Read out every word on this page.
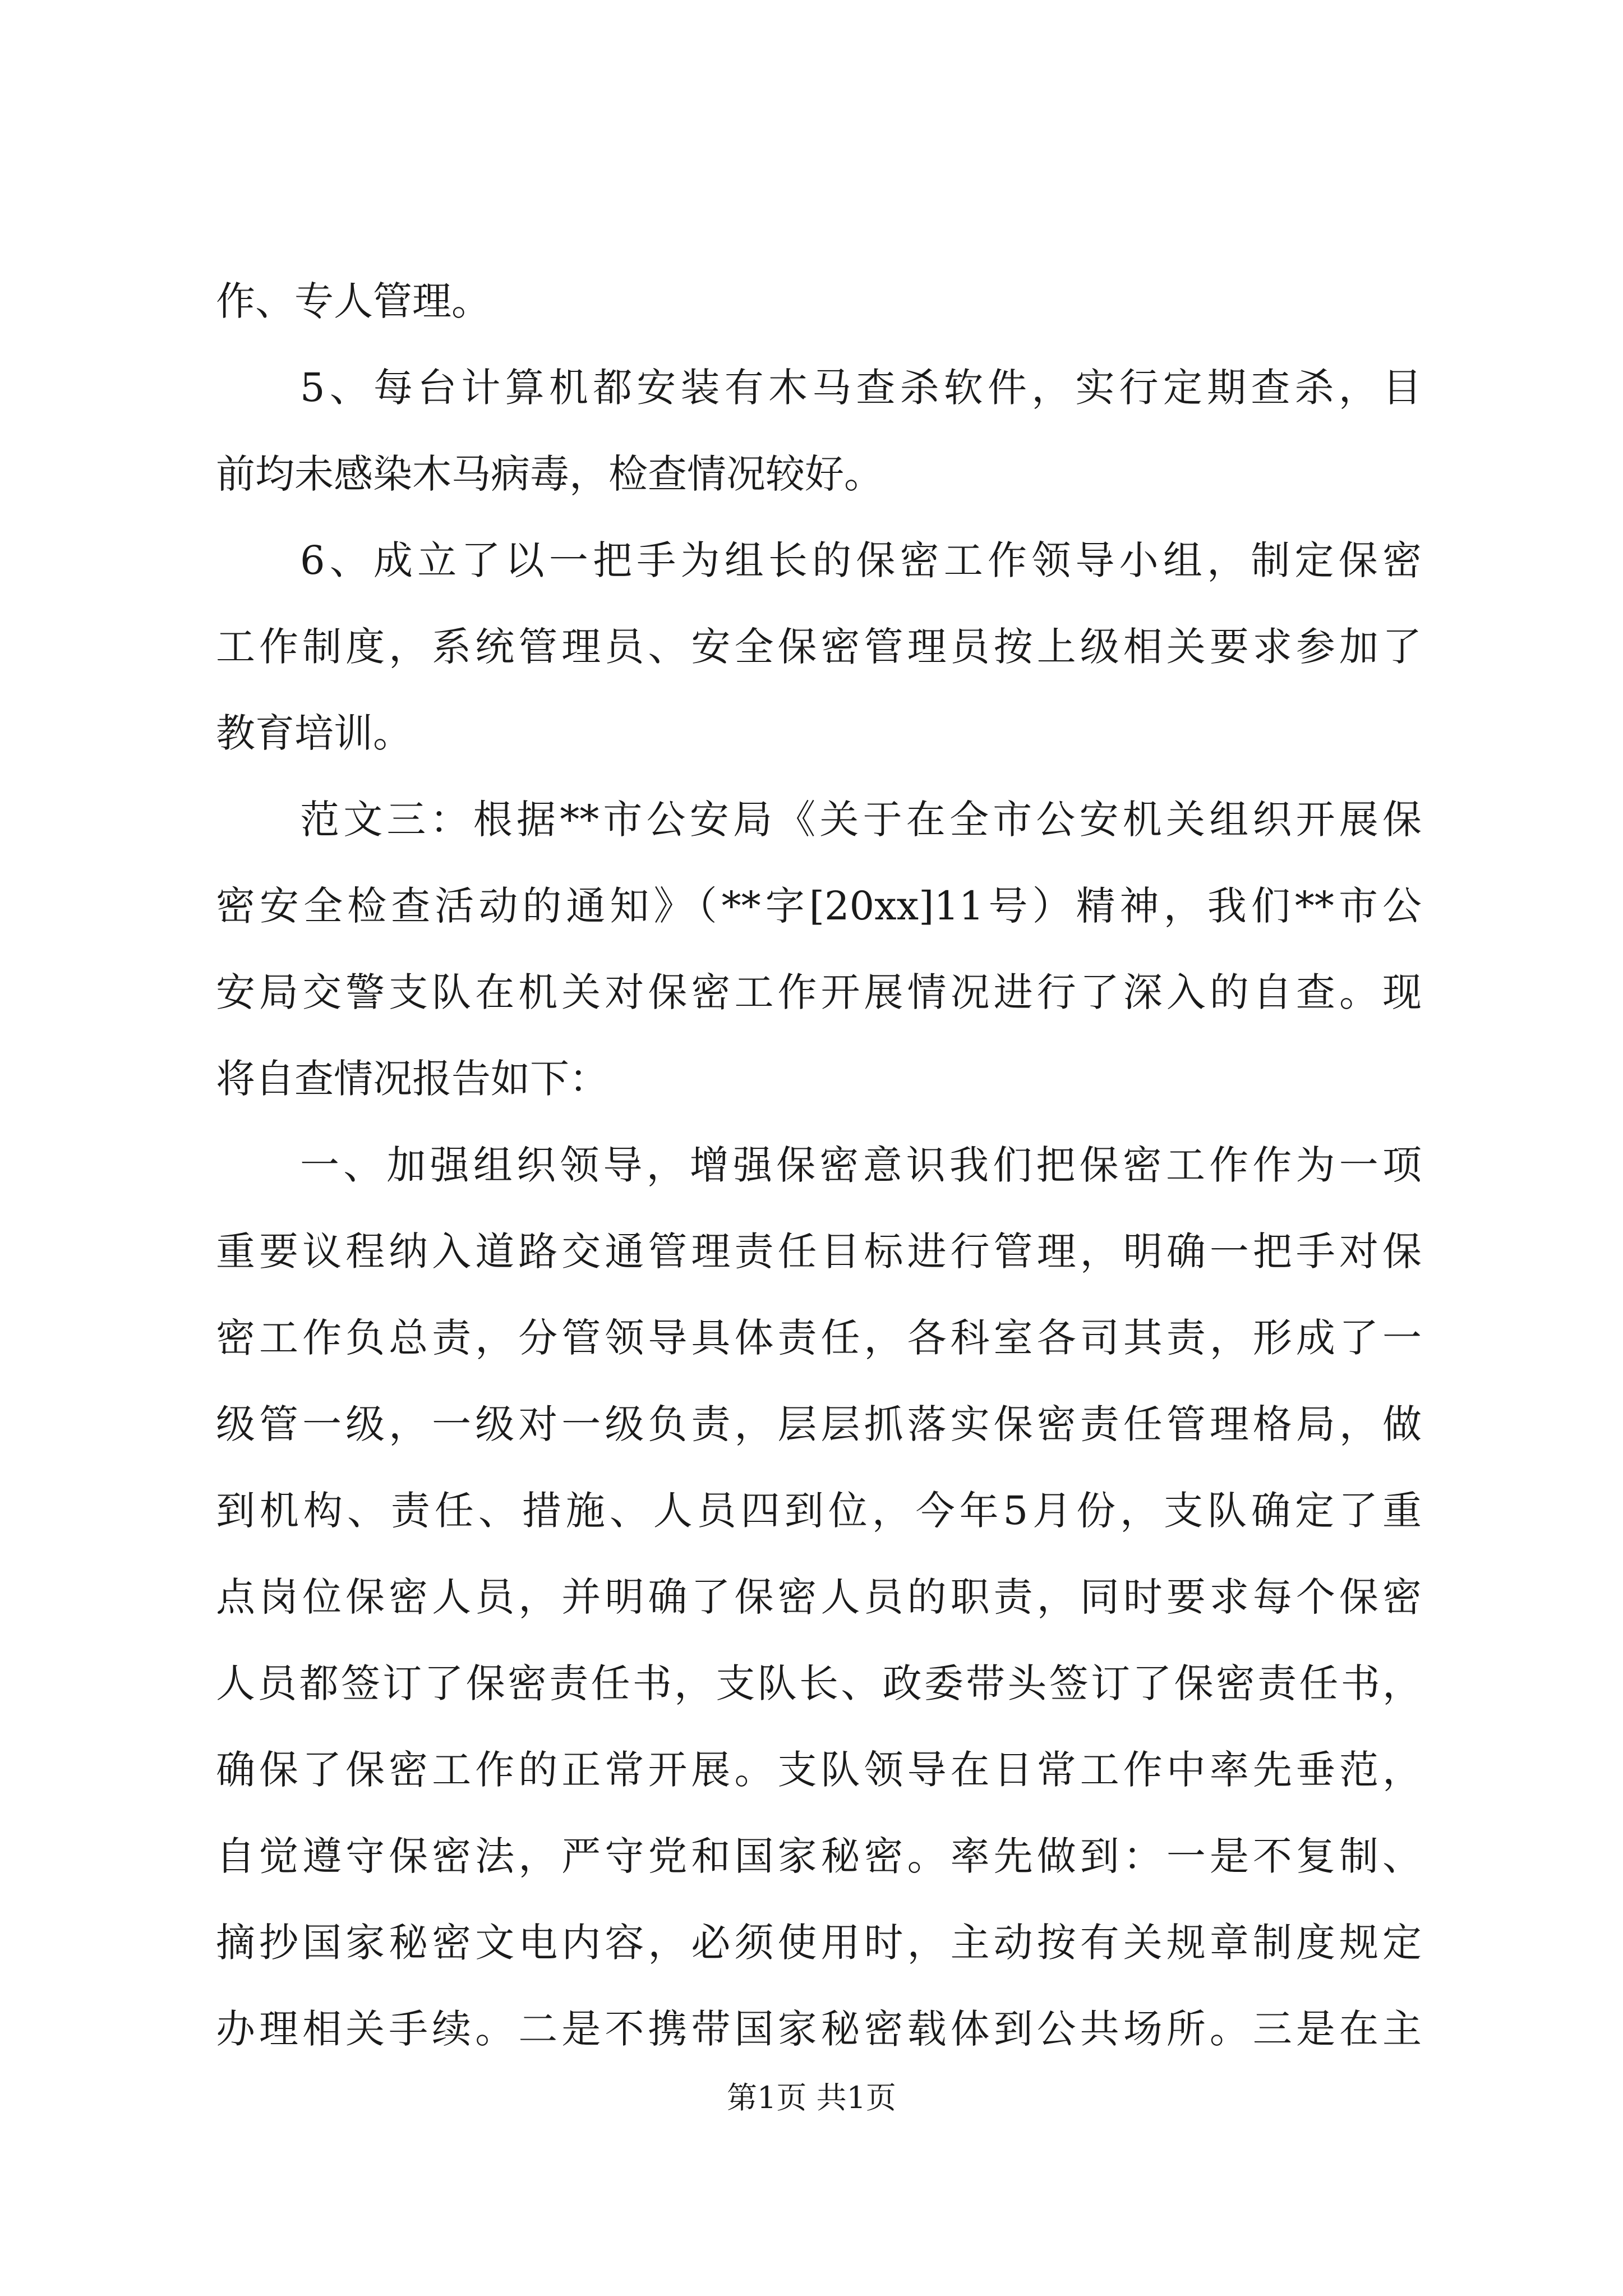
作、专人管理。
5、每台计算机都安装有木马查杀软件，实行定期查杀，目
前均未感染木马病毒，检查情况较好。
6、成立了以一把手为组长的保密工作领导小组，制定保密
工作制度，系统管理员、安全保密管理员按上级相关要求参加了
教育培训。
范文三：根据**市公安局《关于在全市公安机关组织开展保
密安全检查活动的通知》（**字[20xx]11号）精神，我们**市公
安局交警支队在机关对保密工作开展情况进行了深入的自查。现
将自查情况报告如下：
一、加强组织领导，增强保密意识我们把保密工作作为一项
重要议程纳入道路交通管理责任目标进行管理，明确一把手对保
密工作负总责，分管领导具体责任，各科室各司其责，形成了一
级管一级，一级对一级负责，层层抓落实保密责任管理格局，做
到机构、责任、措施、人员四到位，今年5月份，支队确定了重
点岗位保密人员，并明确了保密人员的职责，同时要求每个保密
人员都签订了保密责任书，支队长、政委带头签订了保密责任书，
确保了保密工作的正常开展。支队领导在日常工作中率先垂范，
自觉遵守保密法，严守党和国家秘密。率先做到：一是不复制、
摘抄国家秘密文电内容，必须使用时，主动按有关规章制度规定
办理相关手续。二是不携带国家秘密载体到公共场所。三是在主
第1页 共1页
